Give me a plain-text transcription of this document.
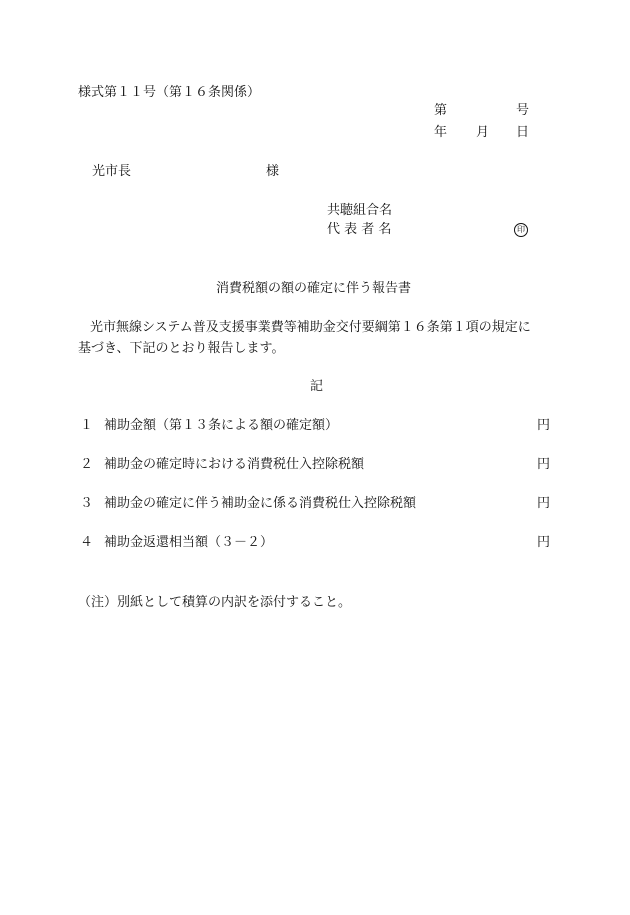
様式第１１号（第１６条関係）
第	号
年 月 日
光市長	様
共聴組合名
代 表 者 名	印
消費税額の額の確定に伴う報告書
光市無線システム普及支援事業費等補助金交付要綱第１６条第１項の規定に
基づき、下記のとおり報告します。
記
１ 補助金額（第１３条による額の確定額）	円
２ 補助金の確定時における消費税仕入控除税額	円
３ 補助金の確定に伴う補助金に係る消費税仕入控除税額	円
４ 補助金返還相当額（３－２）	円
（注）別紙として積算の内訳を添付すること。
